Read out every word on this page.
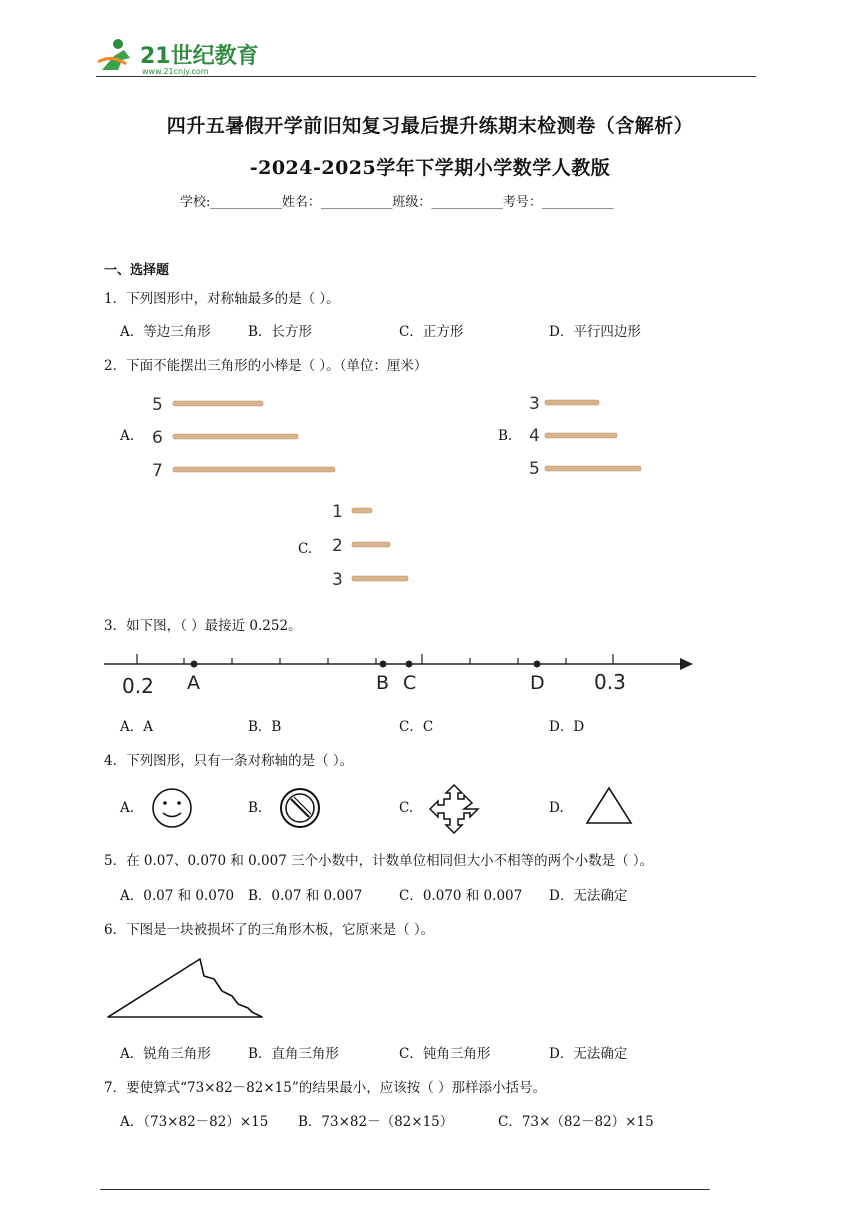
21世纪教育
www.21cnjy.com
四升五暑假开学前旧知复习最后提升练期末检测卷（含解析）
-2024-2025学年下学期小学数学人教版
学校:___________姓名：___________班级：___________考号：___________
一、选择题
1．下列图形中，对称轴最多的是（ ）。
A．等边三角形	B．长方形	C．正方形	D．平行四边形
2．下面不能摆出三角形的小棒是（ ）。（单位：厘米）
A.	B.
C.
5
6
7
3
4
5
1
2
3
3．如下图，（ ）最接近 0.252。
0.2 A	B C	D 0.3
A．A	B．B	C．C	D．D
4．下列图形，只有一条对称轴的是（ ）。
A.	B.	C.	D.
5．在 0.07、0.070 和 0.007 三个小数中，计数单位相同但大小不相等的两个小数是（ ）。
A．0.07 和 0.070 B．0.07 和 0.007	C．0.070 和 0.007 D．无法确定
6．下图是一块被损坏了的三角形木板，它原来是（ ）。
A．锐角三角形	B．直角三角形	C．钝角三角形	D．无法确定
7．要使算式“73×82－82×15”的结果最小，应该按（ ）那样添小括号。
A．（73×82－82）×15 B．73×82－（82×15）	C．73×（82－82）×15
